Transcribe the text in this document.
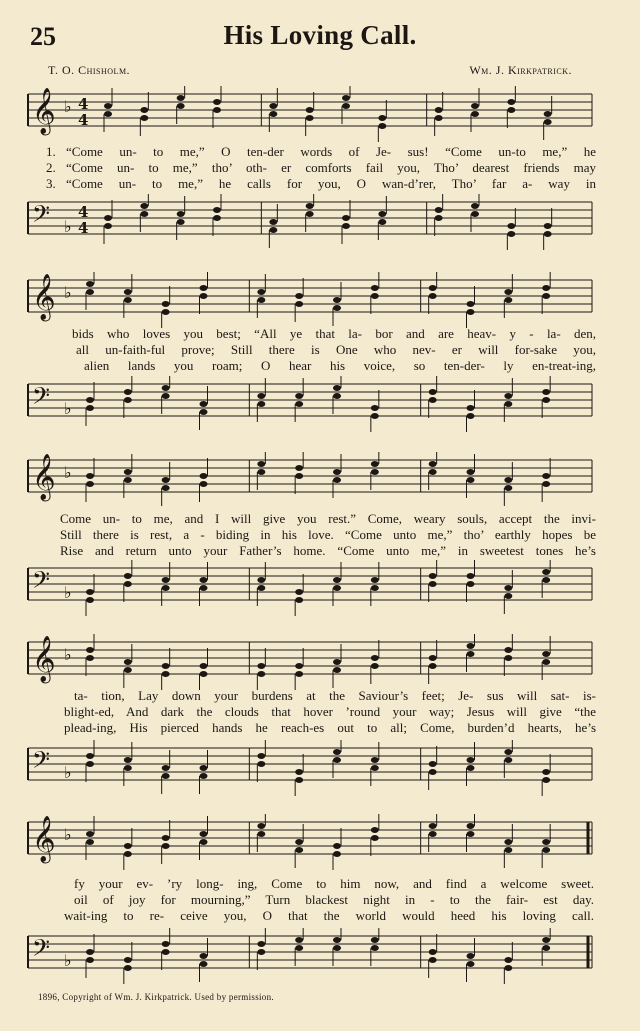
25	His Loving Call.
T. O. Chisholm.	Wm. J. Kirkpatrick.
𝄞 ♭ 4
4
1. “Come un- to me,” O ten-der words of Je- sus! “Come un-to me,” he
2. “Come un- to me,” tho’ oth- er comforts fail you, Tho’ dearest friends may
3. “Come un- to me,” he calls for you, O wan-d’rer, Tho’ far a- way in
𝄢 ♭
4
4
𝄞 ♭
bids who loves you best; “All ye that la- bor and are heav- y - la- den,
all un-faith-ful prove; Still there is One who nev- er will for-sake you,
alien lands you roam; O hear his voice, so ten-der- ly en-treat-ing,
𝄢 ♭
𝄞 ♭
Come un- to me, and I will give you rest.” Come, weary souls, accept the invi-
Still there is rest, a - biding in his love. “Come unto me,” tho’ earthly hopes be
Rise and return unto your Father’s home. “Come unto me,” in sweetest tones he’s
𝄢 ♭
𝄞 ♭
ta- tion, Lay down your burdens at the Saviour’s feet; Je- sus will sat- is-
blight-ed, And dark the clouds that hover ’round your way; Jesus will give “the
plead-ing, His pierced hands he reach-es out to all; Come, burden’d hearts, he’s
𝄢 ♭
𝄞 ♭
fy your ev- ’ry long- ing, Come to him now, and find a welcome sweet.
oil of joy for mourning,” Turn blackest night in - to the fair- est day.
wait-ing to re- ceive you, O that the world would heed his loving call.
𝄢 ♭
1896, Copyright of Wm. J. Kirkpatrick. Used by permission.
